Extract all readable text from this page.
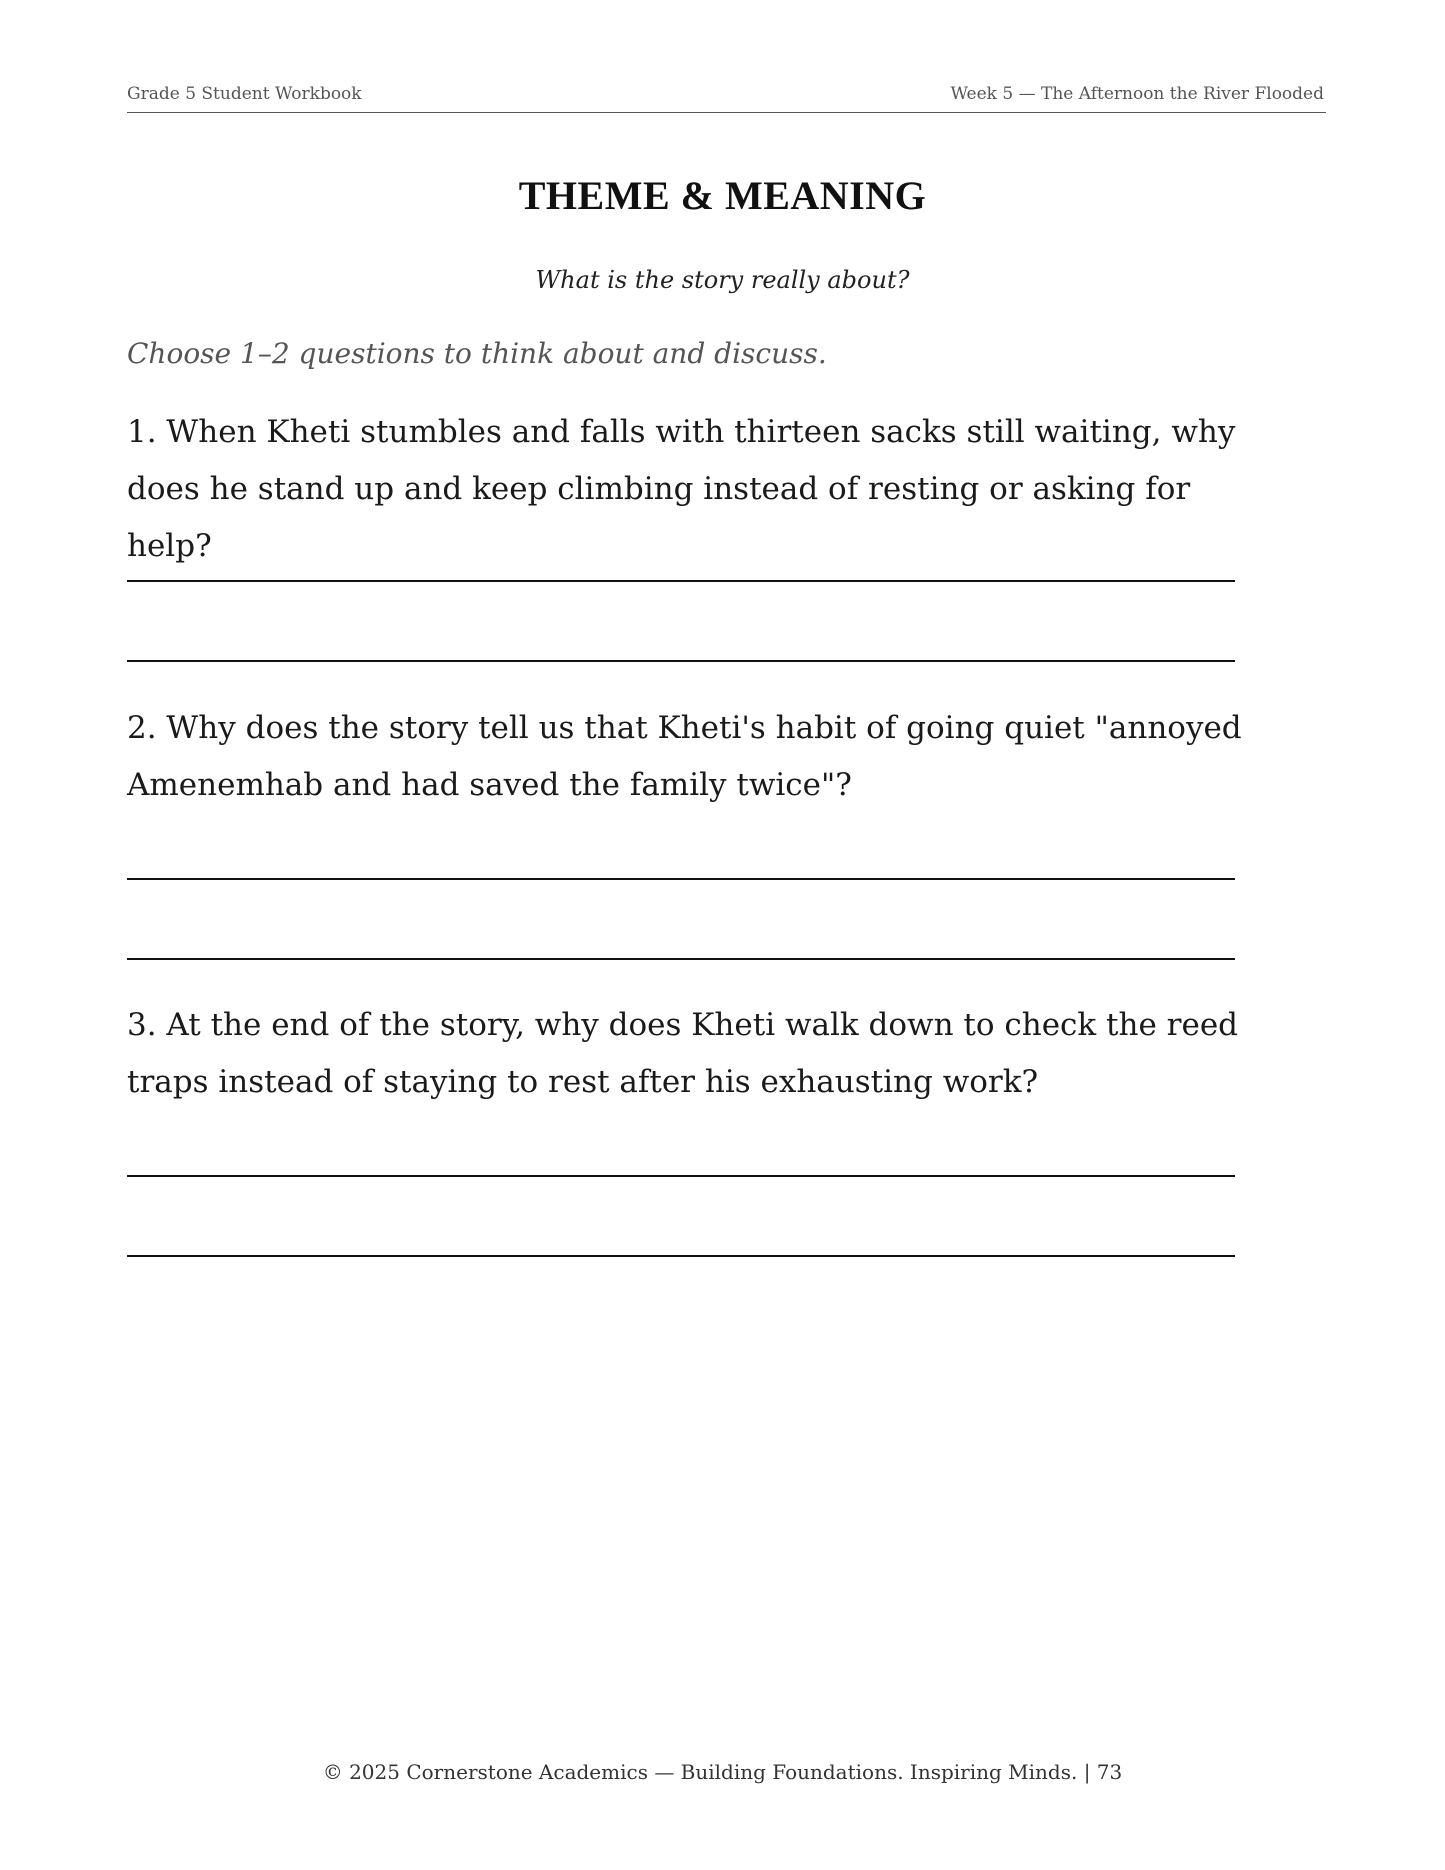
Grade 5 Student Workbook	Week 5 — The Afternoon the River Flooded
THEME & MEANING
What is the story really about?
Choose 1–2 questions to think about and discuss.
1. When Kheti stumbles and falls with thirteen sacks still waiting, why does he stand up and keep climbing instead of resting or asking for help?
2. Why does the story tell us that Kheti's habit of going quiet "annoyed Amenemhab and had saved the family twice"?
3. At the end of the story, why does Kheti walk down to check the reed traps instead of staying to rest after his exhausting work?
© 2025 Cornerstone Academics — Building Foundations. Inspiring Minds. | 73
